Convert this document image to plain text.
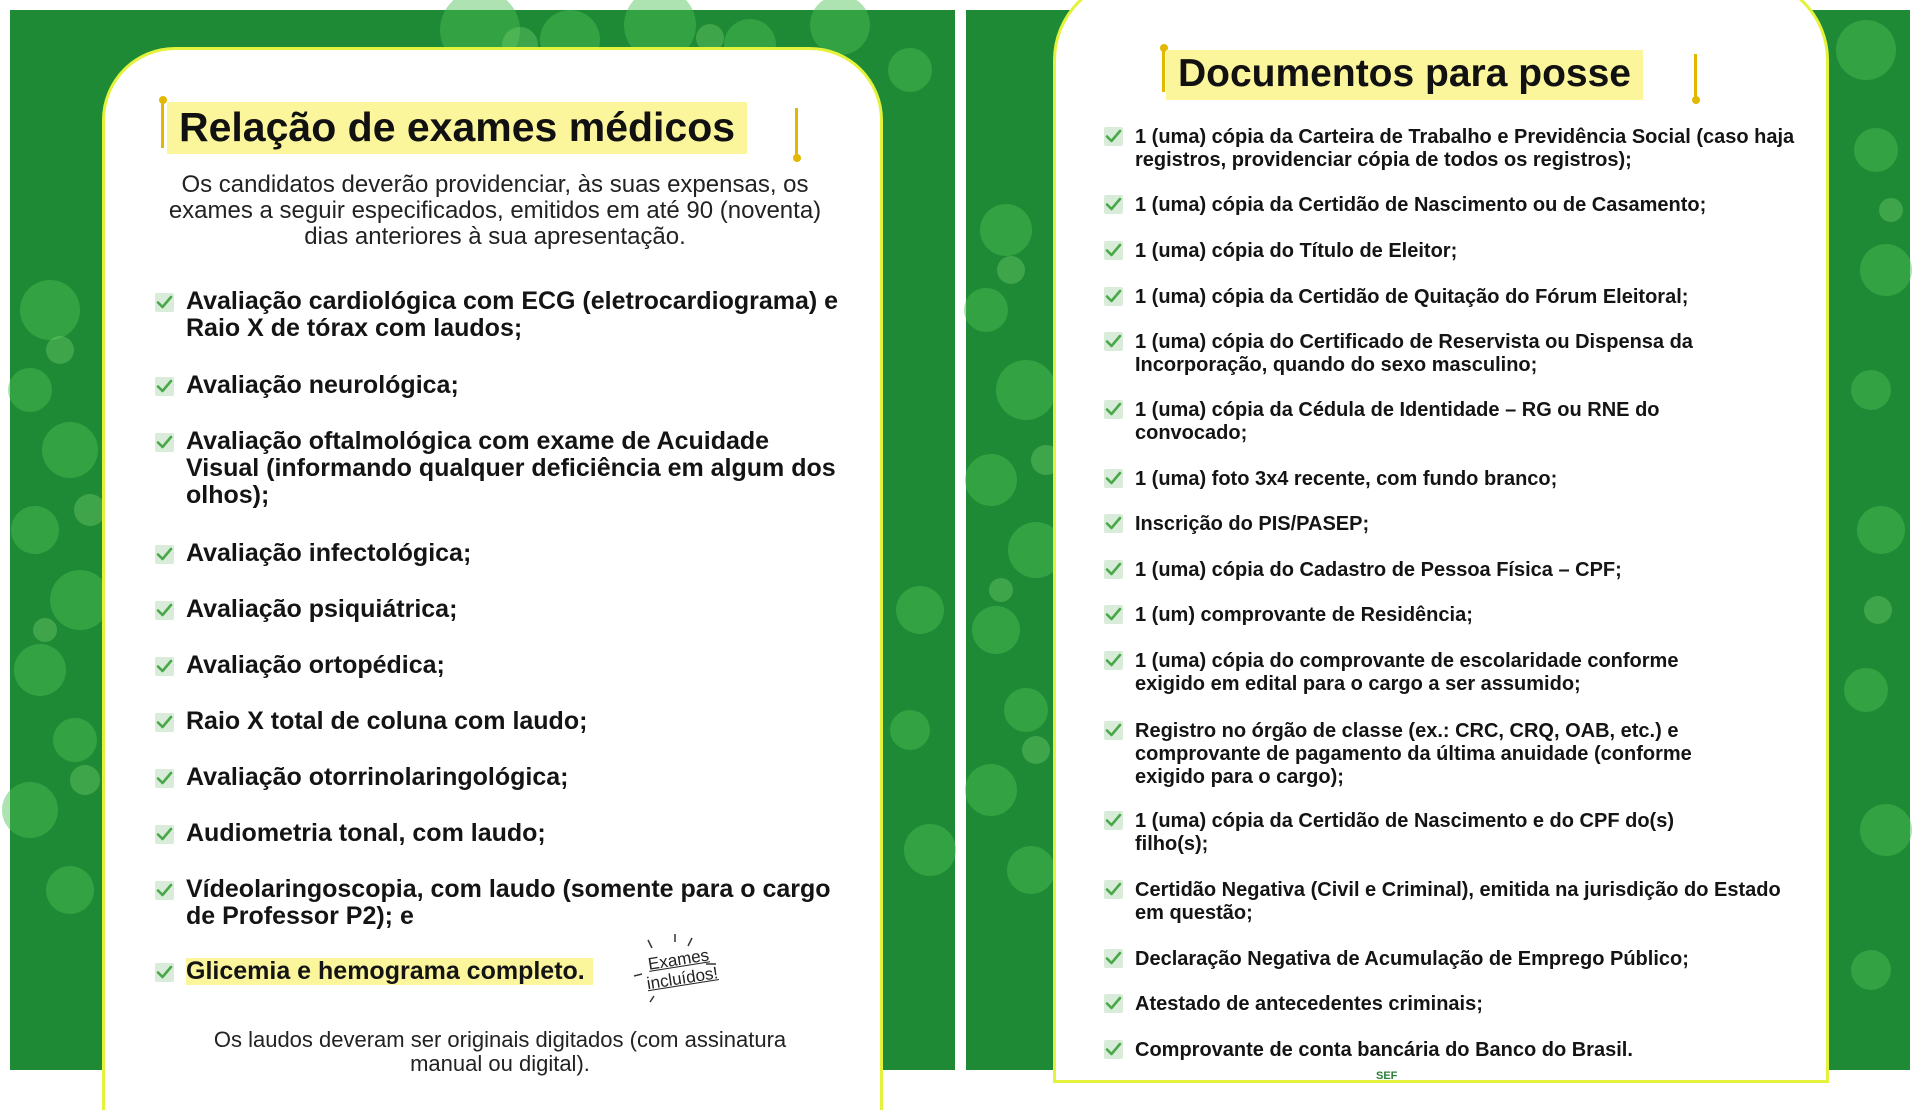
Relação de exames médicos
Os candidatos deverão providenciar, às suas expensas, os exames a seguir especificados, emitidos em até 90 (noventa) dias anteriores à sua apresentação.
Avaliação cardiológica com ECG (eletrocardiograma) e Raio X de tórax com laudos;
Avaliação neurológica;
Avaliação oftalmológica com exame de Acuidade Visual (informando qualquer deficiência em algum dos olhos);
Avaliação infectológica;
Avaliação psiquiátrica;
Avaliação ortopédica;
Raio X total de coluna com laudo;
Avaliação otorrinolaringológica;
Audiometria tonal, com laudo;
Vídeolaringoscopia, com laudo (somente para o cargo de Professor P2); e
Glicemia e hemograma completo.	Exames incluídos!
Os laudos deveram ser originais digitados (com assinatura manual ou digital).
Documentos para posse
1 (uma) cópia da Carteira de Trabalho e Previdência Social (caso haja registros, providenciar cópia de todos os registros);
1 (uma) cópia da Certidão de Nascimento ou de Casamento;
1 (uma) cópia do Título de Eleitor;
1 (uma) cópia da Certidão de Quitação do Fórum Eleitoral;
1 (uma) cópia do Certificado de Reservista ou Dispensa da Incorporação, quando do sexo masculino;
1 (uma) cópia da Cédula de Identidade – RG ou RNE do convocado;
1 (uma) foto 3x4 recente, com fundo branco;
Inscrição do PIS/PASEP;
1 (uma) cópia do Cadastro de Pessoa Física – CPF;
1 (um) comprovante de Residência;
1 (uma) cópia do comprovante de escolaridade conforme exigido em edital para o cargo a ser assumido;
Registro no órgão de classe (ex.: CRC, CRQ, OAB, etc.) e comprovante de pagamento da última anuidade (conforme exigido para o cargo);
1 (uma) cópia da Certidão de Nascimento e do CPF do(s) filho(s);
Certidão Negativa (Civil e Criminal), emitida na jurisdição do Estado em questão;
Declaração Negativa de Acumulação de Emprego Público;
Atestado de antecedentes criminais;
Comprovante de conta bancária do Banco do Brasil.
SEF
